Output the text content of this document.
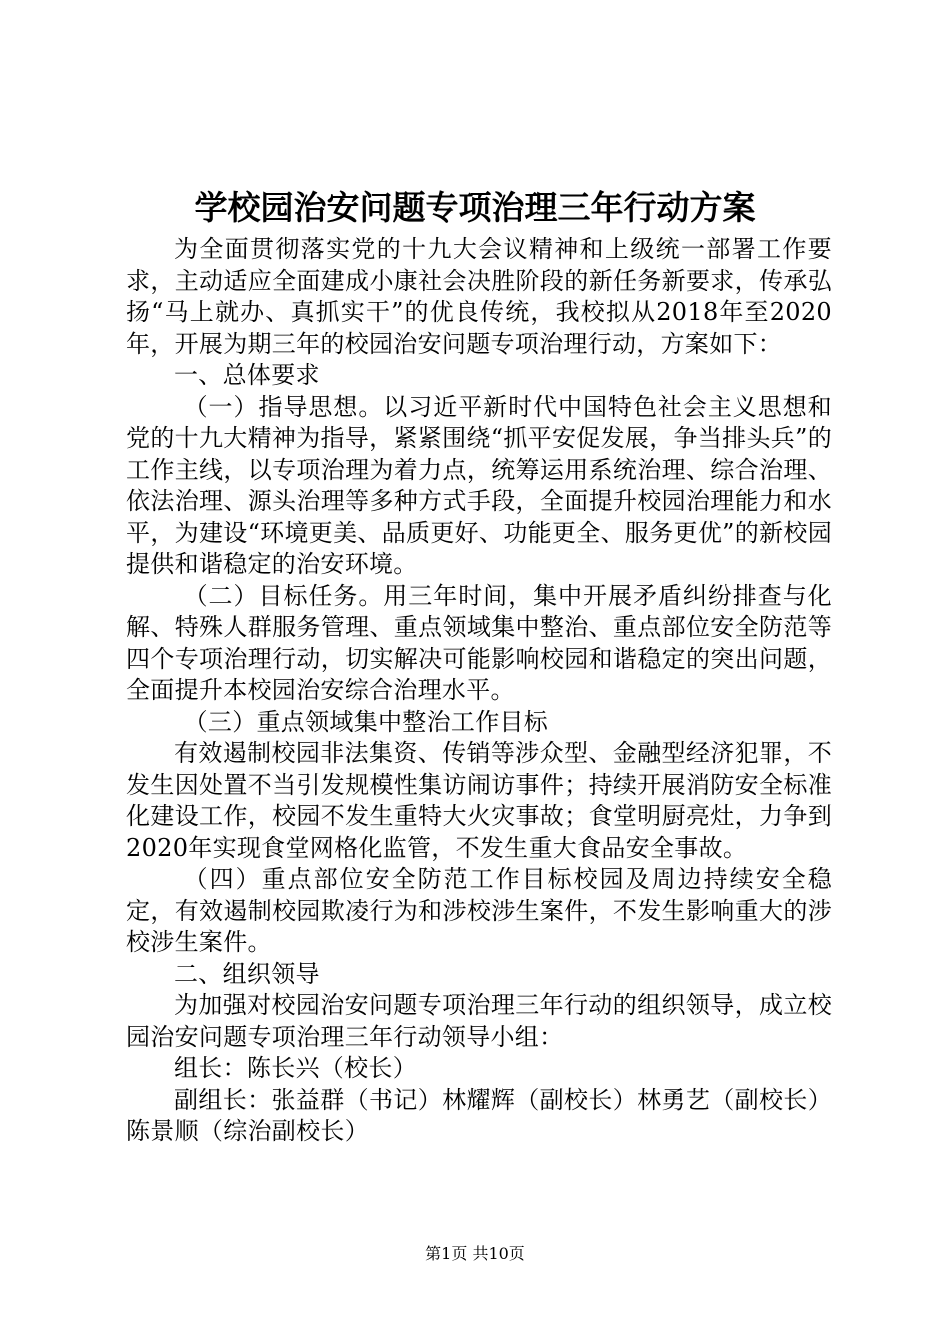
学校园治安问题专项治理三年行动方案

为全面贯彻落实党的十九大会议精神和上级统一部署工作要求，主动适应全面建成小康社会决胜阶段的新任务新要求，传承弘扬“马上就办、真抓实干”的优良传统，我校拟从2018年至2020年，开展为期三年的校园治安问题专项治理行动，方案如下：

一、总体要求

（一）指导思想。以习近平新时代中国特色社会主义思想和党的十九大精神为指导，紧紧围绕“抓平安促发展，争当排头兵”的工作主线，以专项治理为着力点，统筹运用系统治理、综合治理、依法治理、源头治理等多种方式手段，全面提升校园治理能力和水平，为建设“环境更美、品质更好、功能更全、服务更优”的新校园提供和谐稳定的治安环境。

（二）目标任务。用三年时间，集中开展矛盾纠纷排查与化解、特殊人群服务管理、重点领域集中整治、重点部位安全防范等四个专项治理行动，切实解决可能影响校园和谐稳定的突出问题，全面提升本校园治安综合治理水平。

（三）重点领域集中整治工作目标

有效遏制校园非法集资、传销等涉众型、金融型经济犯罪，不发生因处置不当引发规模性集访闹访事件；持续开展消防安全标准化建设工作，校园不发生重特大火灾事故；食堂明厨亮灶，力争到2020年实现食堂网格化监管，不发生重大食品安全事故。

（四）重点部位安全防范工作目标校园及周边持续安全稳定，有效遏制校园欺凌行为和涉校涉生案件，不发生影响重大的涉校涉生案件。

二、组织领导

为加强对校园治安问题专项治理三年行动的组织领导，成立校园治安问题专项治理三年行动领导小组：

组长：陈长兴（校长）

副组长：张益群（书记）林耀辉（副校长）林勇艺（副校长）陈景顺（综治副校长）

第1页 共10页
